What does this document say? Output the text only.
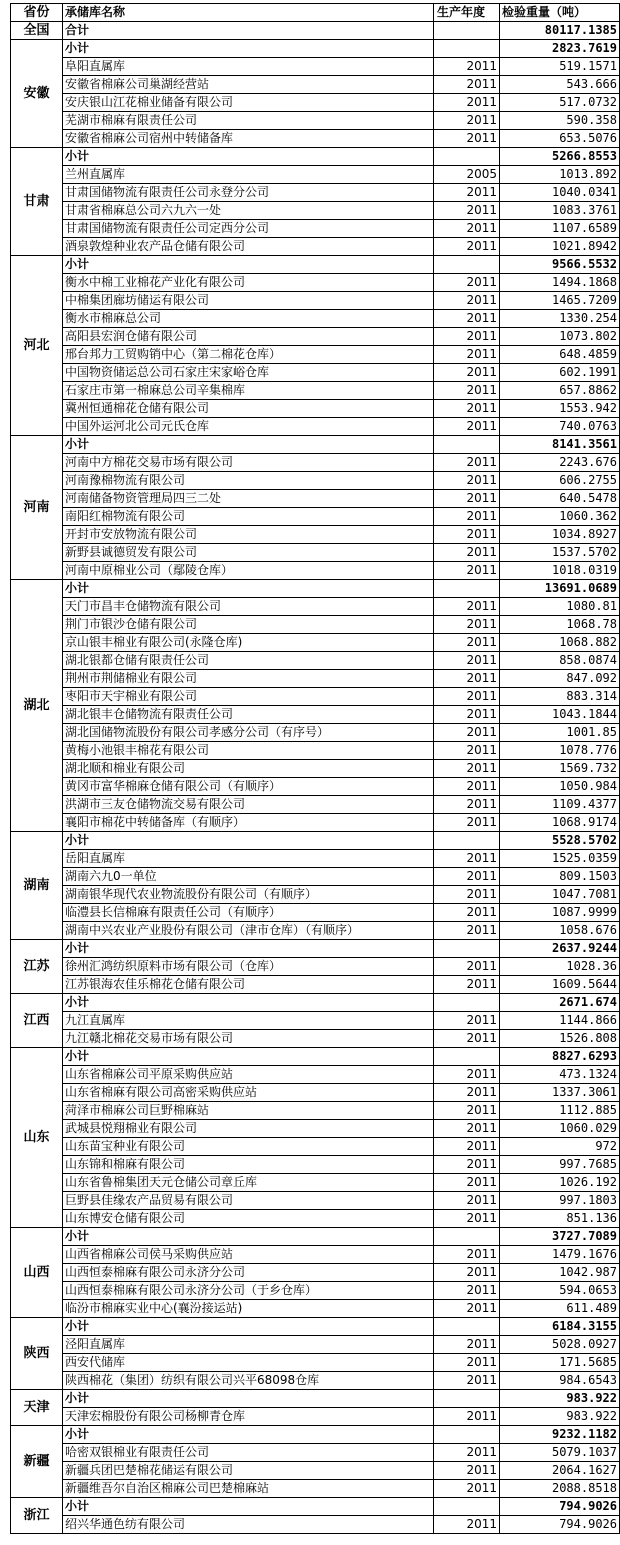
省份	承储库名称	生产年度	检验重量（吨）
全国	合计		80117.1385
安徽	小计		2823.7619
	阜阳直属库	2011	519.1571
	安徽省棉麻公司巢湖经营站	2011	543.666
	安庆银山江花棉业储备有限公司	2011	517.0732
	芜湖市棉麻有限责任公司	2011	590.358
	安徽省棉麻公司宿州中转储备库	2011	653.5076
甘肃	小计		5266.8553
	兰州直属库	2005	1013.892
	甘肃国储物流有限责任公司永登分公司	2011	1040.0341
	甘肃省棉麻总公司六九六一处	2011	1083.3761
	甘肃国储物流有限责任公司定西分公司	2011	1107.6589
	酒泉敦煌种业农产品仓储有限公司	2011	1021.8942
河北	小计		9566.5532
	衡水中棉工业棉花产业化有限公司	2011	1494.1868
	中棉集团廊坊储运有限公司	2011	1465.7209
	衡水市棉麻总公司	2011	1330.254
	高阳县宏润仓储有限公司	2011	1073.802
	邢台邦力工贸购销中心（第二棉花仓库）	2011	648.4859
	中国物资储运总公司石家庄宋家峪仓库	2011	602.1991
	石家庄市第一棉麻总公司辛集棉库	2011	657.8862
	冀州恒通棉花仓储有限公司	2011	1553.942
	中国外运河北公司元氏仓库	2011	740.0763
河南	小计		8141.3561
	河南中方棉花交易市场有限公司	2011	2243.676
	河南豫棉物流有限公司	2011	606.2755
	河南储备物资管理局四三二处	2011	640.5478
	南阳红棉物流有限公司	2011	1060.362
	开封市安放物流有限公司	2011	1034.8927
	新野县诚德贸发有限公司	2011	1537.5702
	河南中原棉业公司（鄢陵仓库）	2011	1018.0319
湖北	小计		13691.0689
	天门市昌丰仓储物流有限公司	2011	1080.81
	荆门市银沙仓储有限公司	2011	1068.78
	京山银丰棉业有限公司(永隆仓库)	2011	1068.882
	湖北银都仓储有限责任公司	2011	858.0874
	荆州市荆储棉业有限公司	2011	847.092
	枣阳市天宇棉业有限公司	2011	883.314
	湖北银丰仓储物流有限责任公司	2011	1043.1844
	湖北国储物流股份有限公司孝感分公司（有序号）	2011	1001.85
	黄梅小池银丰棉花有限公司	2011	1078.776
	湖北顺和棉业有限公司	2011	1569.732
	黄冈市富华棉麻仓储有限公司（有顺序）	2011	1050.984
	洪湖市三友仓储物流交易有限公司	2011	1109.4377
	襄阳市棉花中转储备库（有顺序）	2011	1068.9174
湖南	小计		5528.5702
	岳阳直属库	2011	1525.0359
	湖南六九0一单位	2011	809.1503
	湖南银华现代农业物流股份有限公司（有顺序）	2011	1047.7081
	临澧县长信棉麻有限责任公司（有顺序）	2011	1087.9999
	湖南中兴农业产业股份有限公司（津市仓库）（有顺序）	2011	1058.676
江苏	小计		2637.9244
	徐州汇鸿纺织原料市场有限公司（仓库）	2011	1028.36
	江苏银海农佳乐棉花仓储有限公司	2011	1609.5644
江西	小计		2671.674
	九江直属库	2011	1144.866
	九江赣北棉花交易市场有限公司	2011	1526.808
山东	小计		8827.6293
	山东省棉麻公司平原采购供应站	2011	473.1324
	山东省棉麻有限公司高密采购供应站	2011	1337.3061
	菏泽市棉麻公司巨野棉麻站	2011	1112.885
	武城县悦翔棉业有限公司	2011	1060.029
	山东苗宝种业有限公司	2011	972
	山东锦和棉麻有限公司	2011	997.7685
	山东省鲁棉集团天元仓储公司章丘库	2011	1026.192
	巨野县佳缘农产品贸易有限公司	2011	997.1803
	山东博安仓储有限公司	2011	851.136
山西	小计		3727.7089
	山西省棉麻公司侯马采购供应站	2011	1479.1676
	山西恒泰棉麻有限公司永济分公司	2011	1042.987
	山西恒泰棉麻有限公司永济分公司（于乡仓库）	2011	594.0653
	临汾市棉麻实业中心(襄汾接运站)	2011	611.489
陕西	小计		6184.3155
	泾阳直属库	2011	5028.0927
	西安代储库	2011	171.5685
	陕西棉花（集团）纺织有限公司兴平68098仓库	2011	984.6543
天津	小计		983.922
	天津宏棉股份有限公司杨柳青仓库	2011	983.922
新疆	小计		9232.1182
	哈密双银棉业有限责任公司	2011	5079.1037
	新疆兵团巴楚棉花储运有限公司	2011	2064.1627
	新疆维吾尔自治区棉麻公司巴楚棉麻站	2011	2088.8518
浙江	小计		794.9026
	绍兴华通色纺有限公司	2011	794.9026
